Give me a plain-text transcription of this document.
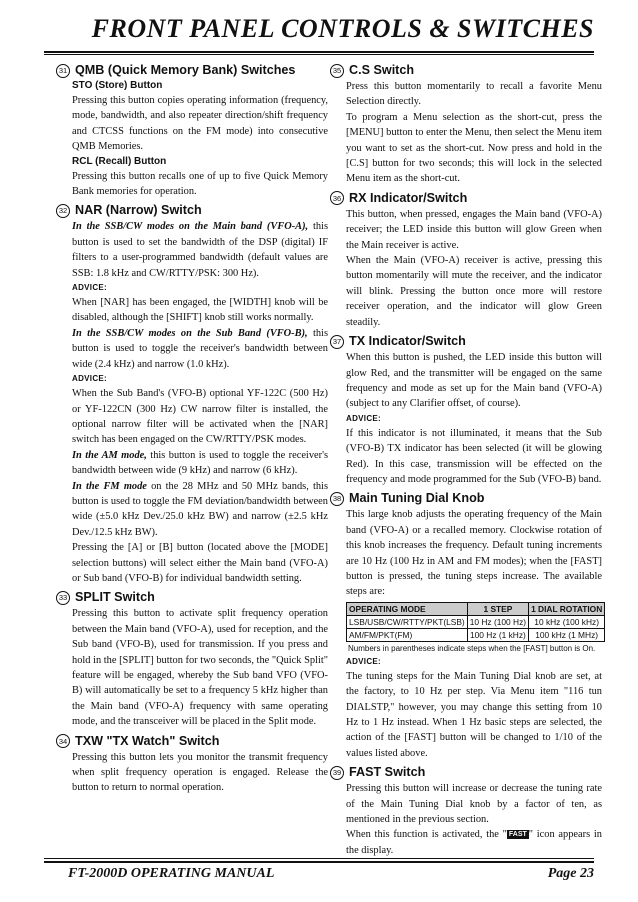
FRONT PANEL CONTROLS & SWITCHES
31 QMB (Quick Memory Bank) Switches
STO (Store) Button

Pressing this button copies operating information (frequency, mode, bandwidth, and also repeater direction/shift frequency and CTCSS functions on the FM mode) into consecutive QMB Memories.

RCL (Recall) Button

Pressing this button recalls one of up to five Quick Memory Bank memories for operation.

32 NAR (Narrow) Switch

In the SSB/CW modes on the Main band (VFO-A), this button is used to set the bandwidth of the DSP (digital) IF filters to a user-programmed bandwidth (default values are SSB: 1.8 kHz and CW/RTTY/PSK: 300 Hz).

ADVICE:

When [NAR] has been engaged, the [WIDTH] knob will be disabled, although the [SHIFT] knob still works normally.

In the SSB/CW modes on the Sub Band (VFO-B), this button is used to toggle the receiver's bandwidth between wide (2.4 kHz) and narrow (1.0 kHz).

ADVICE:

When the Sub Band's (VFO-B) optional YF-122C (500 Hz) or YF-122CN (300 Hz) CW narrow filter is installed, the optional narrow filter will be activated when the [NAR] switch has been engaged on the CW/RTTY/PSK modes.

In the AM mode, this button is used to toggle the receiver's bandwidth between wide (9 kHz) and narrow (6 kHz).

In the FM mode on the 28 MHz and 50 MHz bands, this button is used to toggle the FM deviation/bandwidth between wide (±5.0 kHz Dev./25.0 kHz BW) and narrow (±2.5 kHz Dev./12.5 kHz BW).

Pressing the [A] or [B] button (located above the [MODE] selection buttons) will select either the Main band (VFO-A) or Sub band (VFO-B) for individual bandwidth setting.

33 SPLIT Switch

Pressing this button to activate split frequency operation between the Main band (VFO-A), used for reception, and the Sub band (VFO-B), used for transmission. If you press and hold in the [SPLIT] button for two seconds, the "Quick Split" feature will be engaged, whereby the Sub band VFO (VFO-B) will automatically be set to a frequency 5 kHz higher than the Main band (VFO-A) frequency with same operating mode, and the transceiver will be placed in the Split mode.

34 TXW "TX Watch" Switch

Pressing this button lets you monitor the transmit frequency when split frequency operation is engaged. Release the button to return to normal operation.

35 C.S Switch

Press this button momentarily to recall a favorite Menu Selection directly.

To program a Menu selection as the short-cut, press the [MENU] button to enter the Menu, then select the Menu item you want to set as the short-cut. Now press and hold in the [C.S] button for two seconds; this will lock in the selected Menu item as the short-cut.

36 RX Indicator/Switch

This button, when pressed, engages the Main band (VFO-A) receiver; the LED inside this button will glow Green when the Main receiver is active.

When the Main (VFO-A) receiver is active, pressing this button momentarily will mute the receiver, and the indicator will blink. Pressing the button once more will restore receiver operation, and the indicator will glow Green steadily.

37 TX Indicator/Switch

When this button is pushed, the LED inside this button will glow Red, and the transmitter will be engaged on the same frequency and mode as set up for the Main band (VFO-A) (subject to any Clarifier offset, of course).

ADVICE:

If this indicator is not illuminated, it means that the Sub (VFO-B) TX indicator has been selected (it will be glowing Red). In this case, transmission will be effected on the frequency and mode programmed for the Sub (VFO-B) band.

38 Main Tuning Dial Knob

This large knob adjusts the operating frequency of the Main band (VFO-A) or a recalled memory. Clockwise rotation of this knob increases the frequency. Default tuning increments are 10 Hz (100 Hz in AM and FM modes); when the [FAST] button is pressed, the tuning steps increase. The available steps are:

OPERATING MODE	1 STEP	1 DIAL ROTATION
LSB/USB/CW/RTTY/PKT(LSB)	10 Hz (100 Hz)	10 kHz (100 kHz)
AM/FM/PKT(FM)	100 Hz (1 kHz)	100 kHz (1 MHz)
Numbers in parentheses indicate steps when the [FAST] button is On.
ADVICE:

The tuning steps for the Main Tuning Dial knob are set, at the factory, to 10 Hz per step. Via Menu item "116 tun DIALSTP," however, you may change this setting from 10 Hz to 1 Hz instead. When 1 Hz basic steps are selected, the action of the [FAST] button will be changed to 1/10 of the values listed above.

39 FAST Switch

Pressing this button will increase or decrease the tuning rate of the Main Tuning Dial knob by a factor of ten, as mentioned in the previous section.

When this function is activated, the " FAST " icon appears in the display.

FT-2000D OPERATING MANUAL	Page 23
